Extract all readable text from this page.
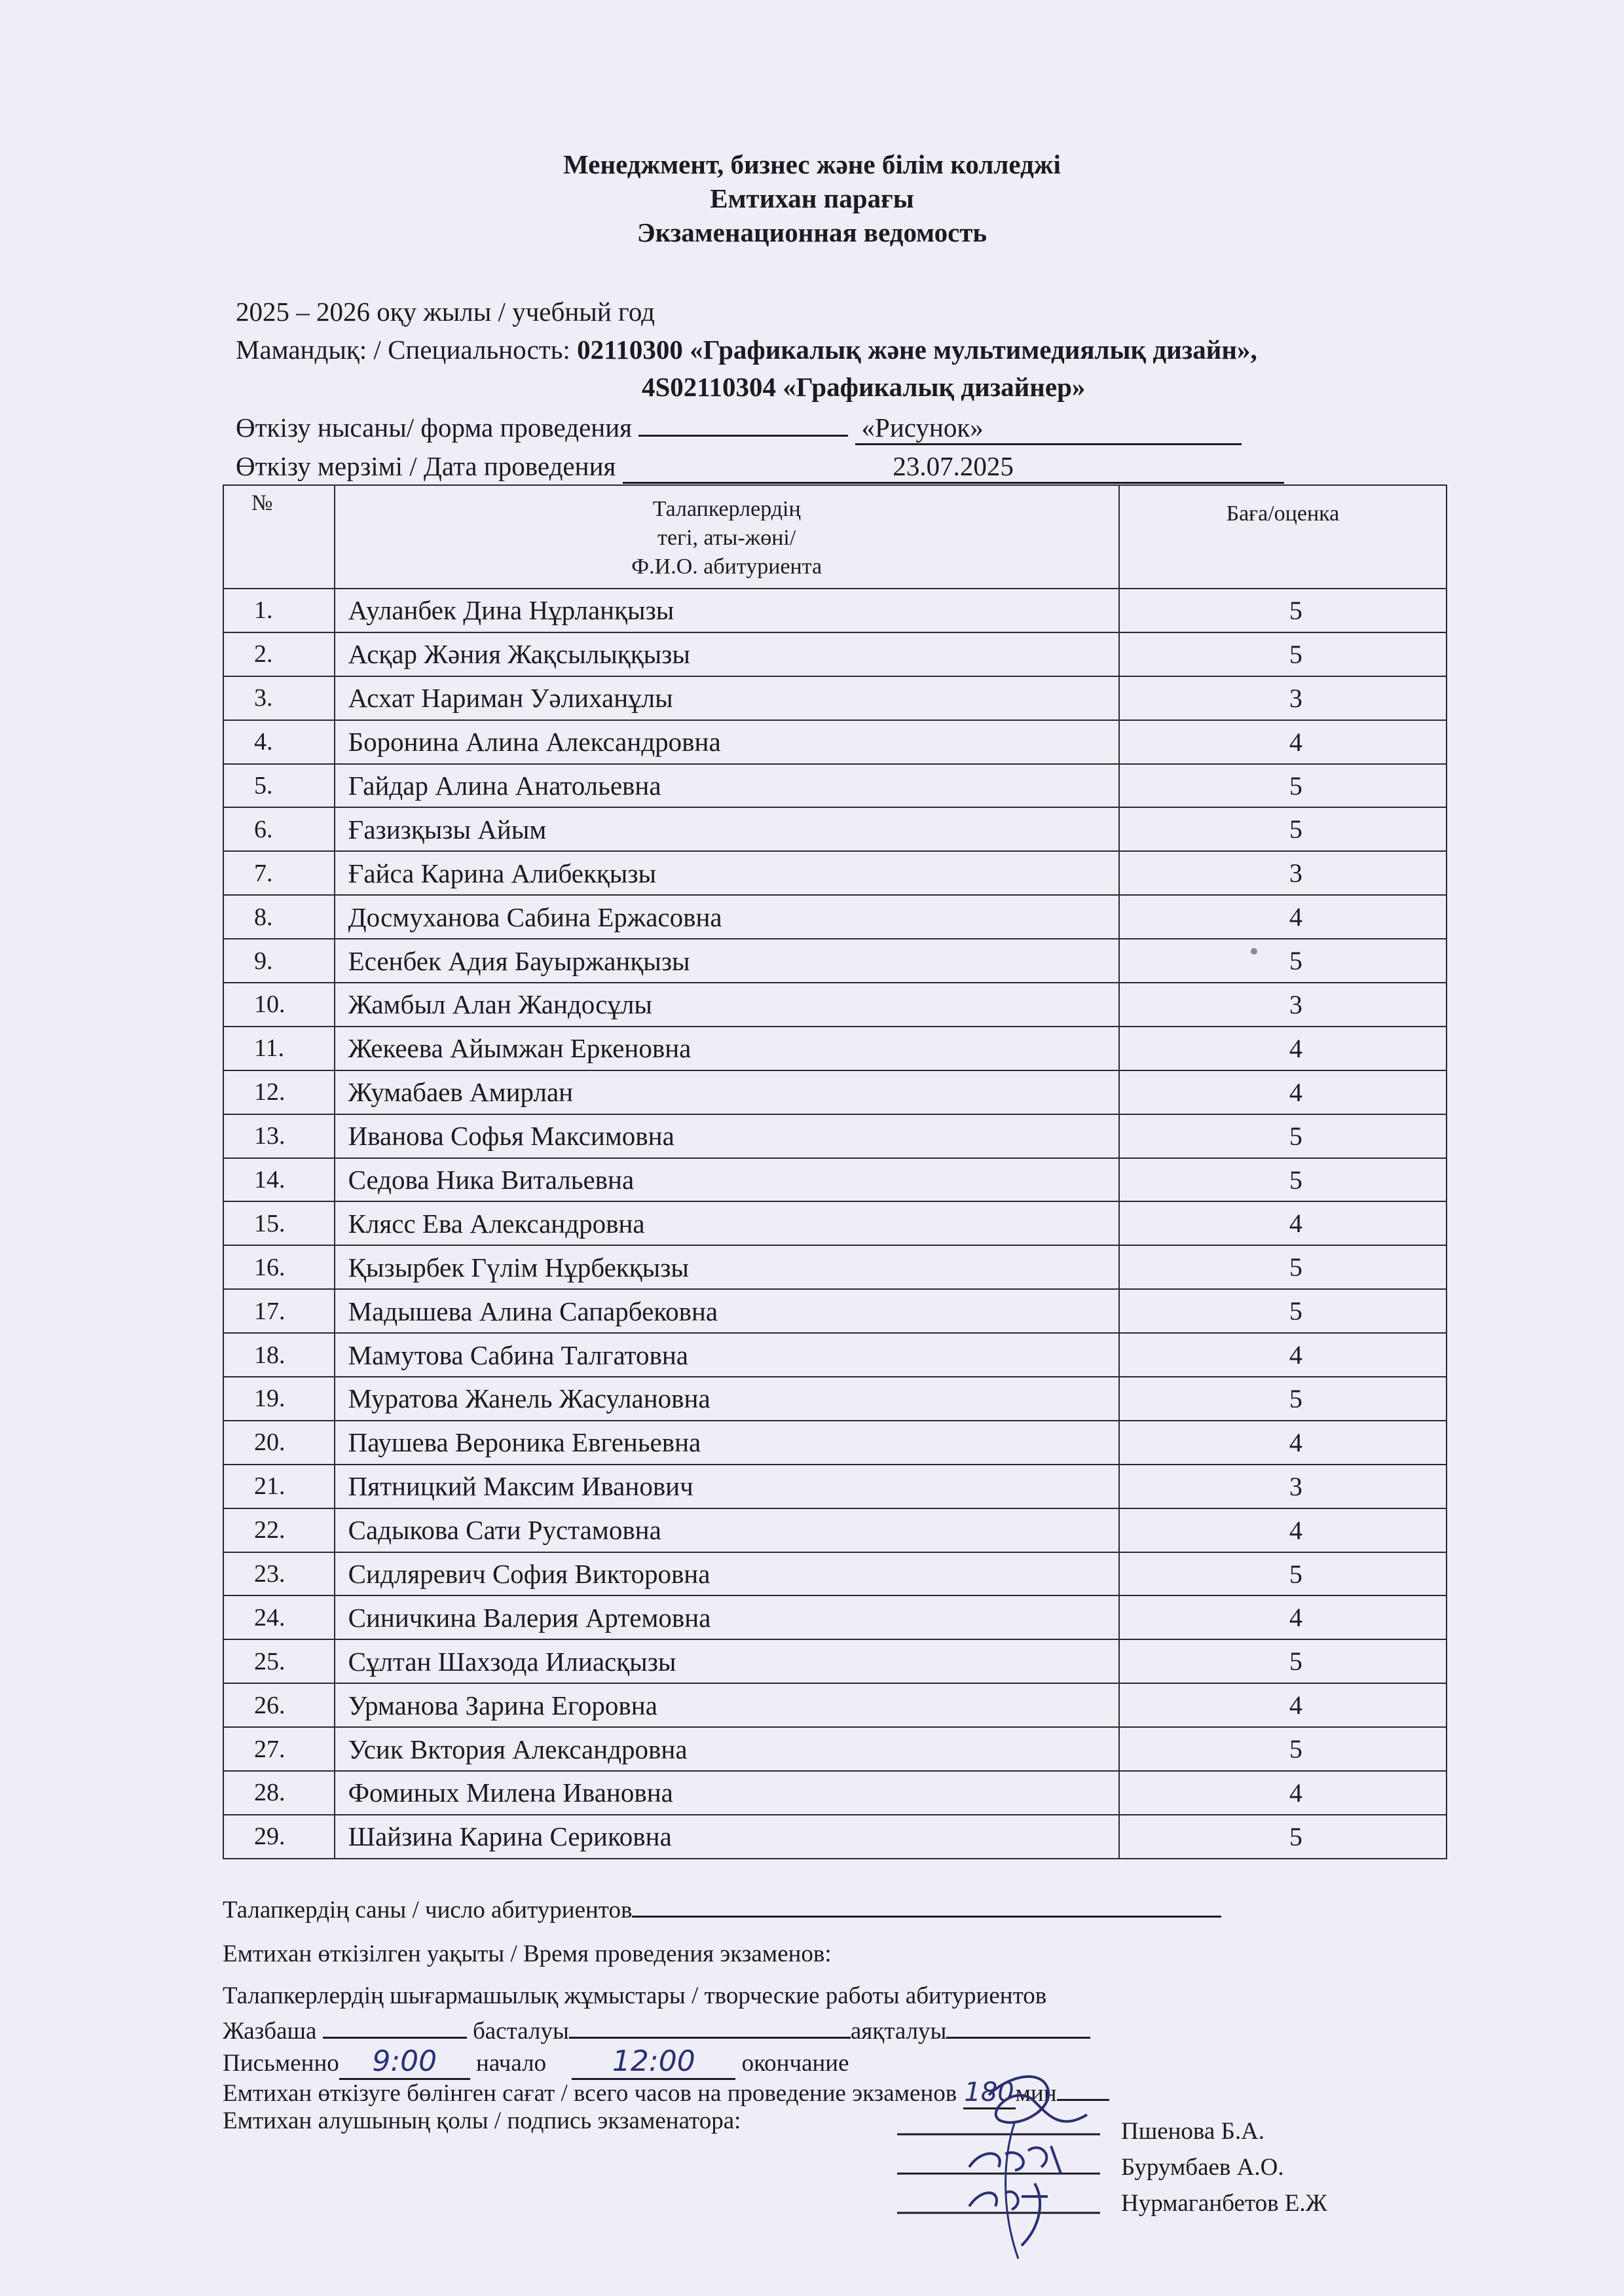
Менеджмент, бизнес және білім колледжі
Емтихан парағы
Экзаменационная ведомость
2025 – 2026 оқу жылы / учебный год
Мамандық: / Специальность: 02110300 «Графикалық және мультимедиялық дизайн»,
4S02110304 «Графикалық дизайнер»
Өткізу нысаны/ форма проведения	«Рисунок»
Өткізу мерзімі / Дата проведения	23.07.2025
№	Талапкерлердің
тегі, аты-жөні/
Ф.И.О. абитуриента	Баға/оценка
1.	Ауланбек Дина Нұрланқызы	5
2.	Асқар Жәния Жақсылыққызы	5
3.	Асхат Нариман Уәлиханұлы	3
4.	Боронина Алина Александровна	4
5.	Гайдар Алина Анатольевна	5
6.	Ғазизқызы Айым	5
7.	Ғайса Карина Алибекқызы	3
8.	Досмуханова Сабина Ержасовна	4
9.	Есенбек Адия Бауыржанқызы	5
10.	Жамбыл Алан Жандосұлы	3
11.	Жекеева Айымжан Еркеновна	4
12.	Жумабаев Амирлан	4
13.	Иванова Софья Максимовна	5
14.	Седова Ника Витальевна	5
15.	Клясс Ева Александровна	4
16.	Қызырбек Гүлім Нұрбекқызы	5
17.	Мадышева Алина Сапарбековна	5
18.	Мамутова Сабина Талгатовна	4
19.	Муратова Жанель Жасулановна	5
20.	Паушева Вероника Евгеньевна	4
21.	Пятницкий Максим Иванович	3
22.	Садыкова Сати Рустамовна	4
23.	Сидляревич София Викторовна	5
24.	Синичкина Валерия Артемовна	4
25.	Сұлтан Шахзода Илиасқызы	5
26.	Урманова Зарина Егоровна	4
27.	Усик Вктория Александровна	5
28.	Фоминых Милена Ивановна	4
29.	Шайзина Карина Сериковна	5
Талапкердің саны / число абитуриентов
Емтихан өткізілген уақыты / Время проведения экзаменов:
Талапкерлердің шығармашылық жұмыстары / творческие работы абитуриентов
Жазбаша	басталуы	аяқталуы
Письменно 9:00 начало 12:00 окончание
Емтихан өткізуге бөлінген сағат / всего часов на проведение экзаменов 180мин
Емтихан алушының қолы / подпись экзаменатора:	Пшенова Б.А.
Бурумбаев А.О.
Нурмаганбетов Е.Ж
